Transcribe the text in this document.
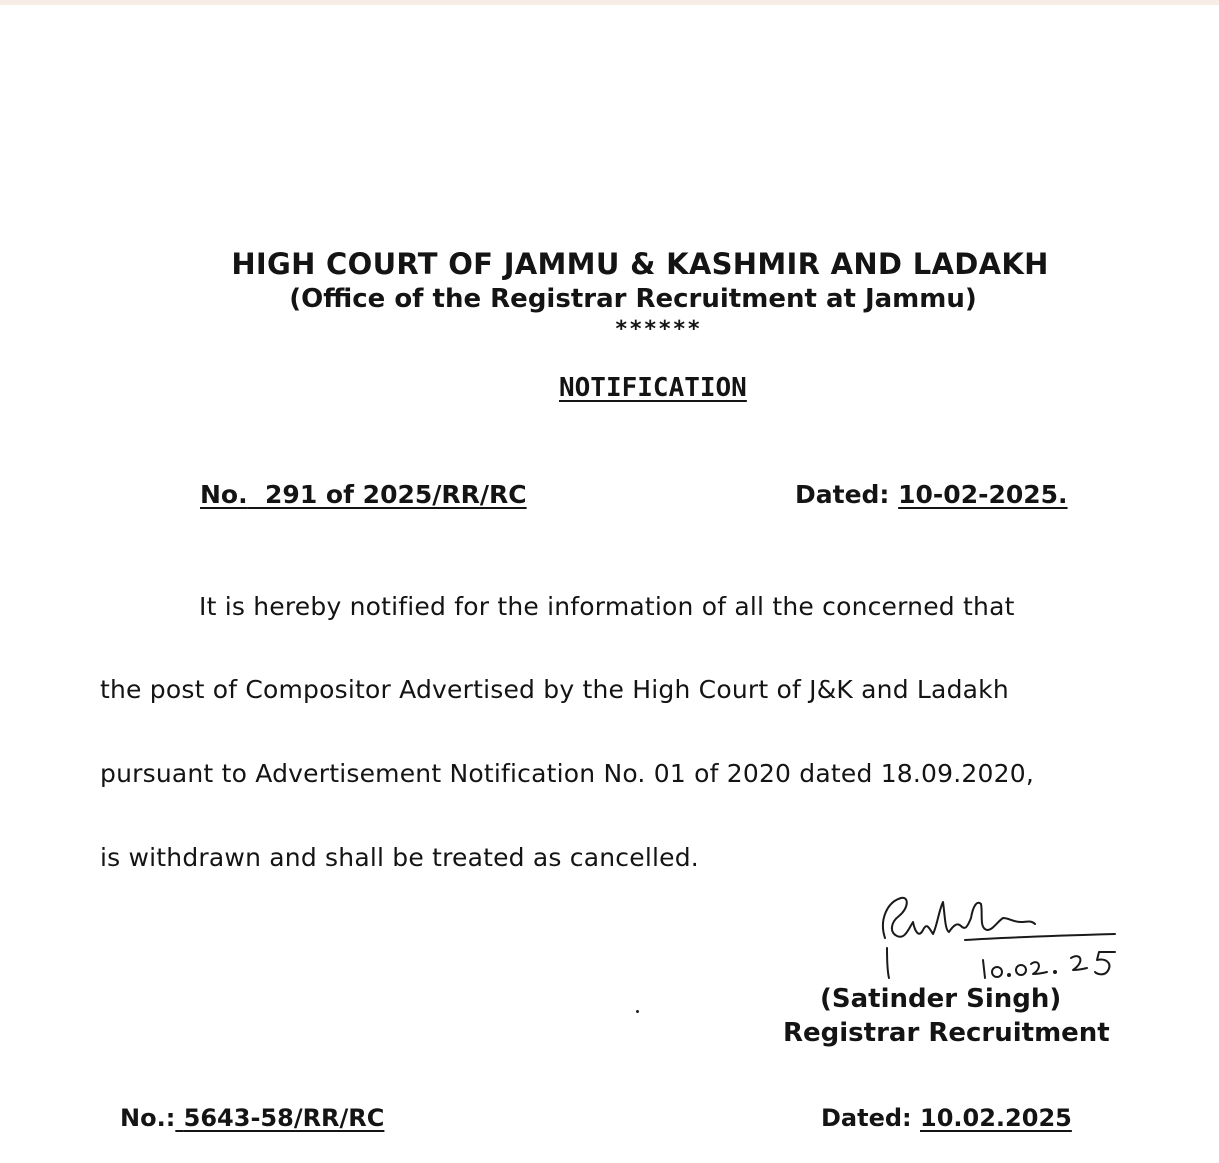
HIGH COURT OF JAMMU & KASHMIR AND LADAKH
(Office of the Registrar Recruitment at Jammu)
******
NOTIFICATION
No. 291 of 2025/RR/RC	Dated: 10-02-2025.
It is hereby notified for the information of all the concerned that
the post of Compositor Advertised by the High Court of J&K and Ladakh
pursuant to Advertisement Notification No. 01 of 2020 dated 18.09.2020,
is withdrawn and shall be treated as cancelled.
(Satinder Singh)
Registrar Recruitment
No.: 5643-58/RR/RC	Dated: 10.02.2025
